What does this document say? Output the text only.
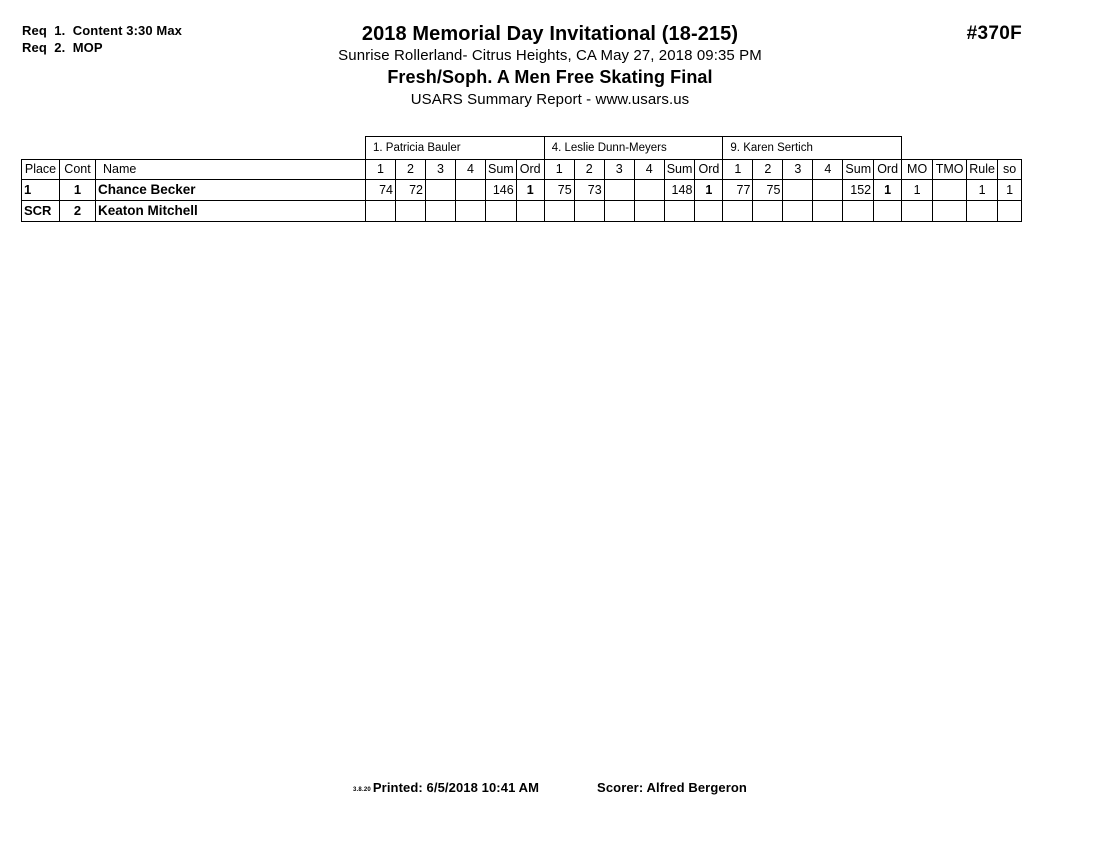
Req  1.  Content 3:30 Max
Req  2.  MOP
#370F
2018 Memorial Day Invitational (18-215)
Sunrise Rollerland- Citrus Heights, CA May 27, 2018 09:35 PM
Fresh/Soph. A Men Free Skating Final
USARS Summary Report - www.usars.us
			1. Patricia Bauler						4. Leslie Dunn-Meyers						9. Karen Sertich									
Place	Cont	Name	1	2	3	4	Sum	Ord	1	2	3	4	Sum	Ord	1	2	3	4	Sum	Ord	MO	TMO	Rule	so
1	1	Chance Becker	74	72			146	1	75	73			148	1	77	75			152	1	1		1	1
SCR	2	Keaton Mitchell																						
$^{3.8.20}$ Printed: 6/5/2018 10:41 AM	Scorer: Alfred Bergeron
